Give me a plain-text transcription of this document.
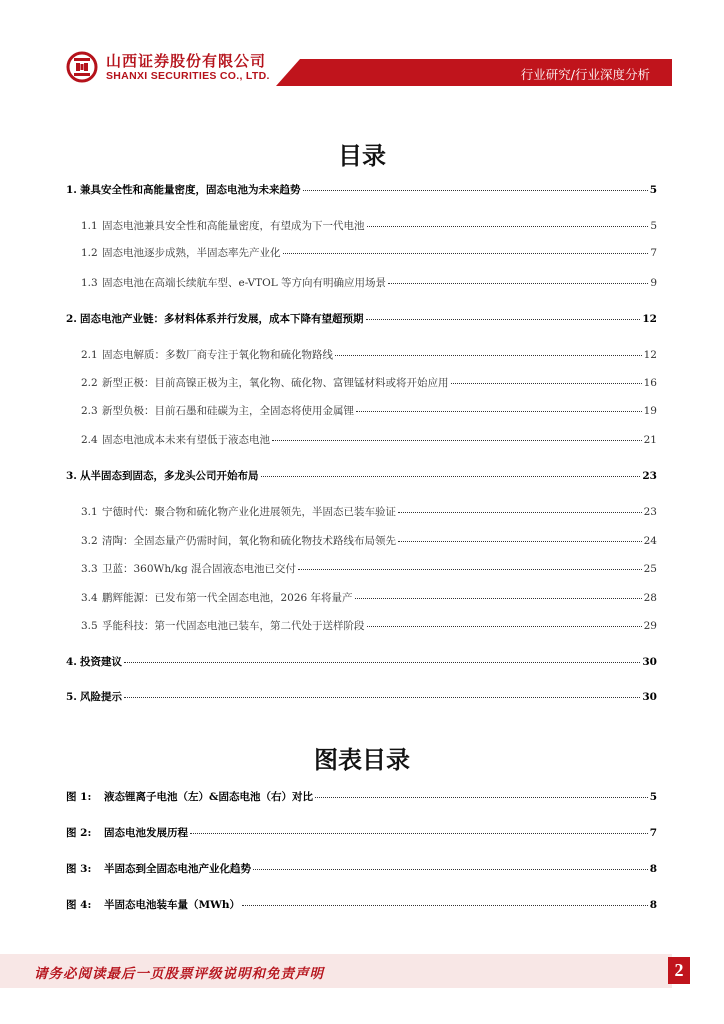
山西证券股份有限公司
SHANXI SECURITIES CO., LTD.	行业研究/行业深度分析
目录
1. 兼具安全性和高能量密度，固态电池为未来趋势	5
1.1 固态电池兼具安全性和高能量密度，有望成为下一代电池	5
1.2 固态电池逐步成熟，半固态率先产业化	7
1.3 固态电池在高端长续航车型、e-VTOL 等方向有明确应用场景	9
2. 固态电池产业链：多材料体系并行发展，成本下降有望超预期	12
2.1 固态电解质：多数厂商专注于氧化物和硫化物路线	12
2.2 新型正极：目前高镍正极为主，氧化物、硫化物、富锂锰材料或将开始应用	16
2.3 新型负极：目前石墨和硅碳为主，全固态将使用金属锂	19
2.4 固态电池成本未来有望低于液态电池	21
3. 从半固态到固态，多龙头公司开始布局	23
3.1 宁德时代：聚合物和硫化物产业化进展领先，半固态已装车验证	23
3.2 清陶：全固态量产仍需时间，氧化物和硫化物技术路线布局领先	24
3.3 卫蓝：360Wh/kg 混合固液态电池已交付	25
3.4 鹏辉能源：已发布第一代全固态电池，2026 年将量产	28
3.5 孚能科技：第一代固态电池已装车，第二代处于送样阶段	29
4. 投资建议	30
5. 风险提示	30
图表目录
图 1:	液态锂离子电池（左）&固态电池（右）对比	5
图 2:	固态电池发展历程	7
图 3:	半固态到全固态电池产业化趋势	8
图 4:	半固态电池装车量（MWh）	8
请务必阅读最后一页股票评级说明和免责声明	2
